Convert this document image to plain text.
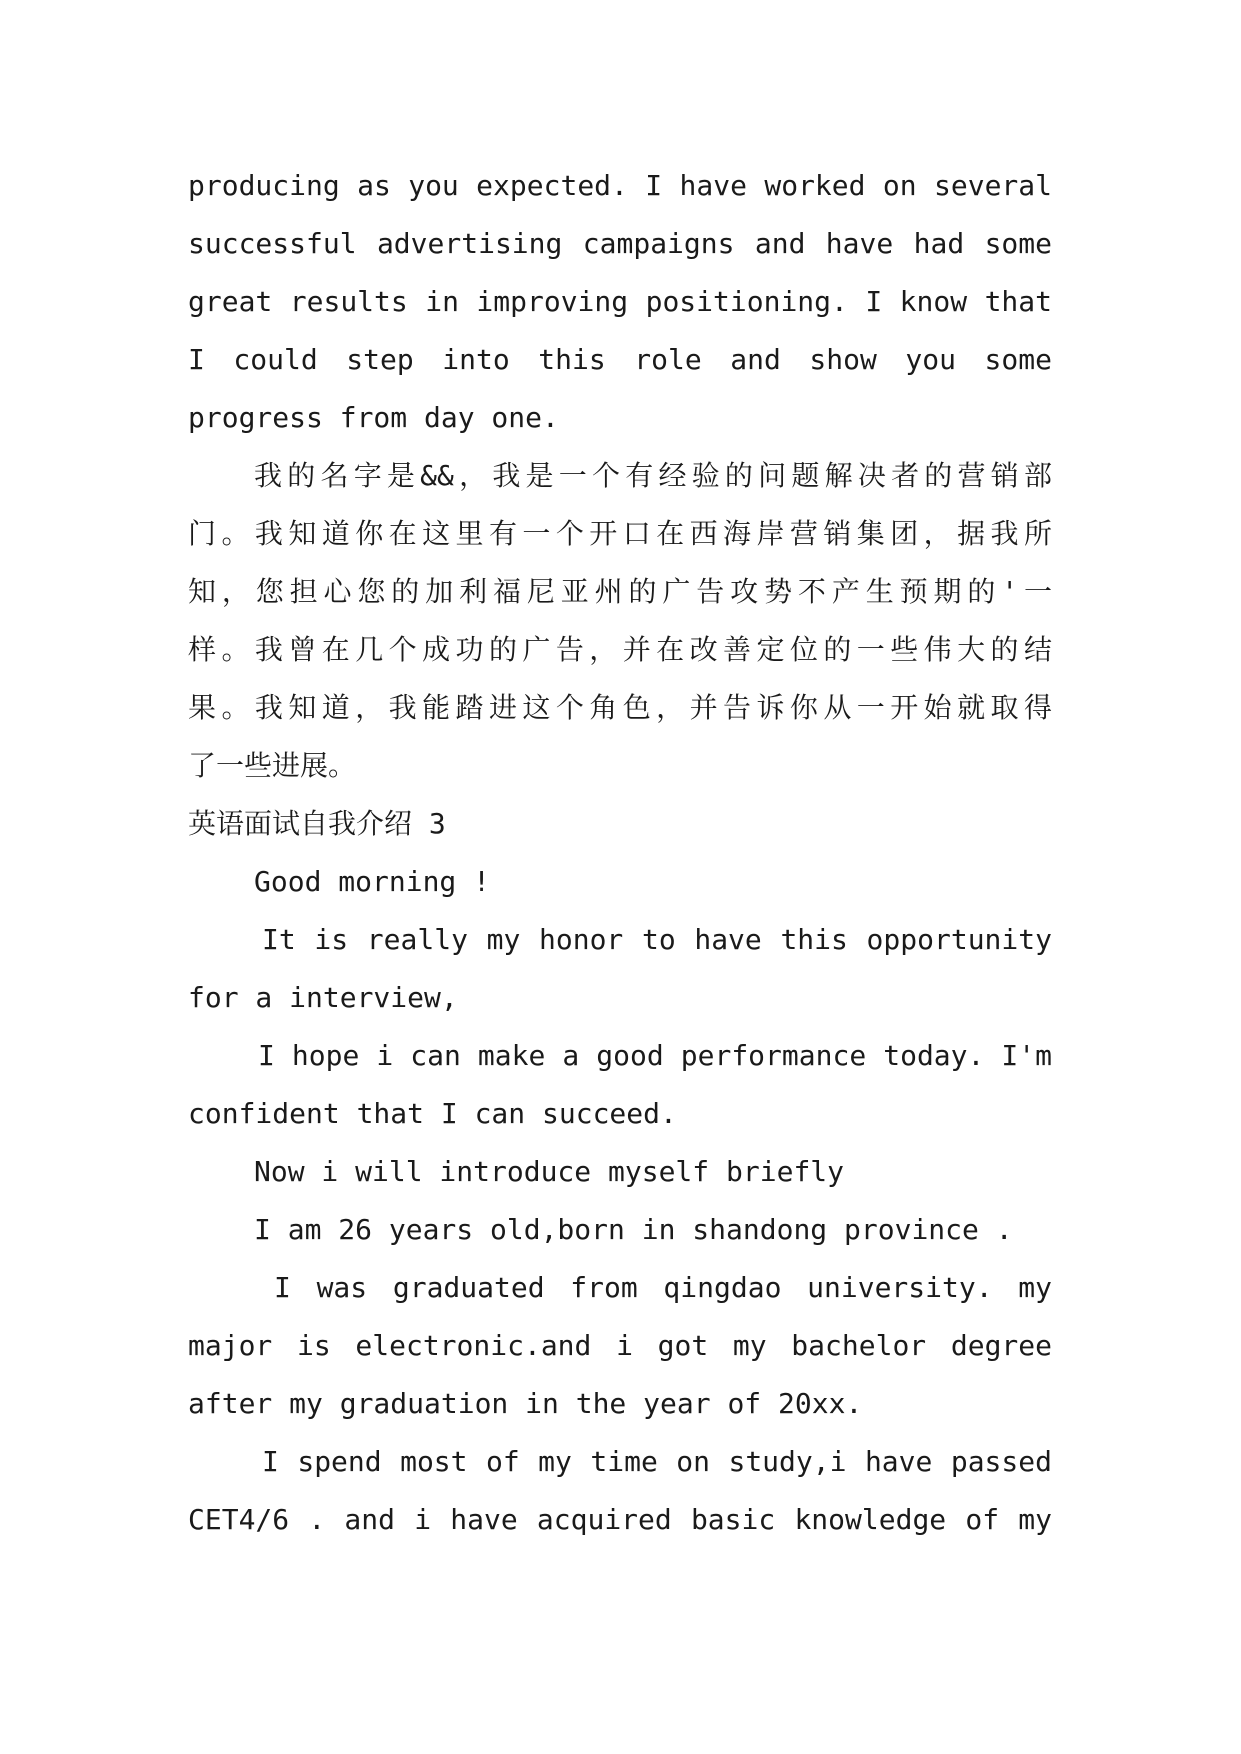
producing as you expected. I have worked on several
successful advertising campaigns and have had some
great results in improving positioning. I know that
I could step into this role and show you some
progress from day one.
我的名字是&&，我是一个有经验的问题解决者的营销部
门。我知道你在这里有一个开口在西海岸营销集团，据我所
知，您担心您的加利福尼亚州的广告攻势不产生预期的'一
样。我曾在几个成功的广告，并在改善定位的一些伟大的结
果。我知道，我能踏进这个角色，并告诉你从一开始就取得
了一些进展。
英语面试自我介绍 3
Good morning !
It is really my honor to have this opportunity
for a interview,
I hope i can make a good performance today. I'm
confident that I can succeed.
Now i will introduce myself briefly
I am 26 years old,born in shandong province .
I was graduated from qingdao university. my
major is electronic.and i got my bachelor degree
after my graduation in the year of 20xx.
I spend most of my time on study,i have passed
CET4/6 . and i have acquired basic knowledge of my
